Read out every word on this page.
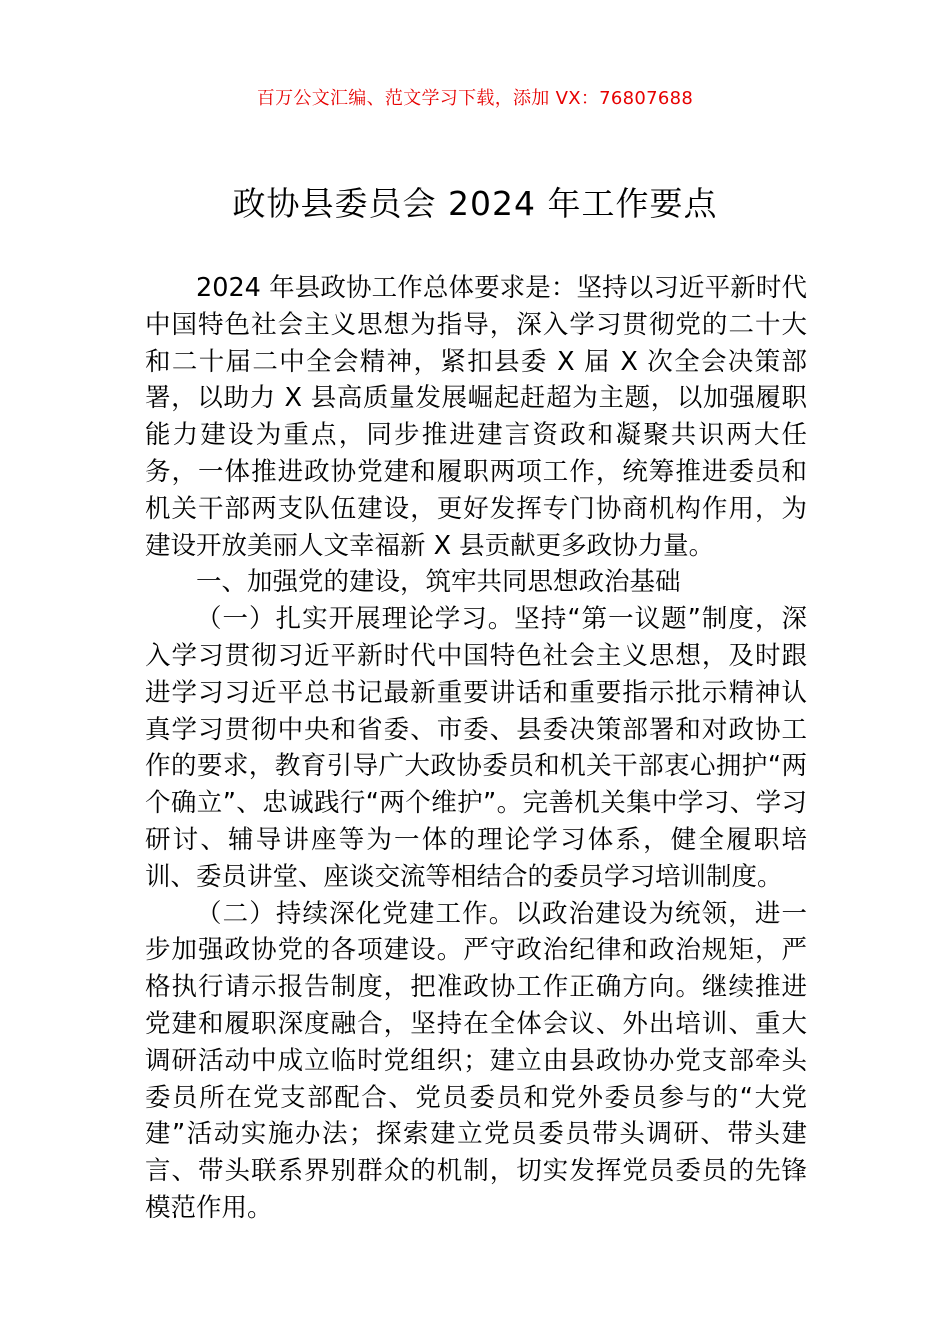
百万公文汇编、范文学习下载，添加 VX：76807688
政协县委员会 2024 年工作要点

2024 年县政协工作总体要求是：坚持以习近平新时代中国特色社会主义思想为指导，深入学习贯彻党的二十大和二十届二中全会精神，紧扣县委 X 届 X 次全会决策部署，以助力 X 县高质量发展崛起赶超为主题，以加强履职能力建设为重点，同步推进建言资政和凝聚共识两大任务，一体推进政协党建和履职两项工作，统筹推进委员和机关干部两支队伍建设，更好发挥专门协商机构作用，为建设开放美丽人文幸福新 X 县贡献更多政协力量。

一、加强党的建设，筑牢共同思想政治基础

（一）扎实开展理论学习。坚持“第一议题”制度，深入学习贯彻习近平新时代中国特色社会主义思想，及时跟进学习习近平总书记最新重要讲话和重要指示批示精神认真学习贯彻中央和省委、市委、县委决策部署和对政协工作的要求，教育引导广大政协委员和机关干部衷心拥护“两个确立”、忠诚践行“两个维护”。完善机关集中学习、学习研讨、辅导讲座等为一体的理论学习体系，健全履职培训、委员讲堂、座谈交流等相结合的委员学习培训制度。

（二）持续深化党建工作。以政治建设为统领，进一步加强政协党的各项建设。严守政治纪律和政治规矩，严格执行请示报告制度，把准政协工作正确方向。继续推进党建和履职深度融合，坚持在全体会议、外出培训、重大调研活动中成立临时党组织；建立由县政协办党支部牵头委员所在党支部配合、党员委员和党外委员参与的“大党建”活动实施办法；探索建立党员委员带头调研、带头建言、带头联系界别群众的机制，切实发挥党员委员的先锋模范作用。
